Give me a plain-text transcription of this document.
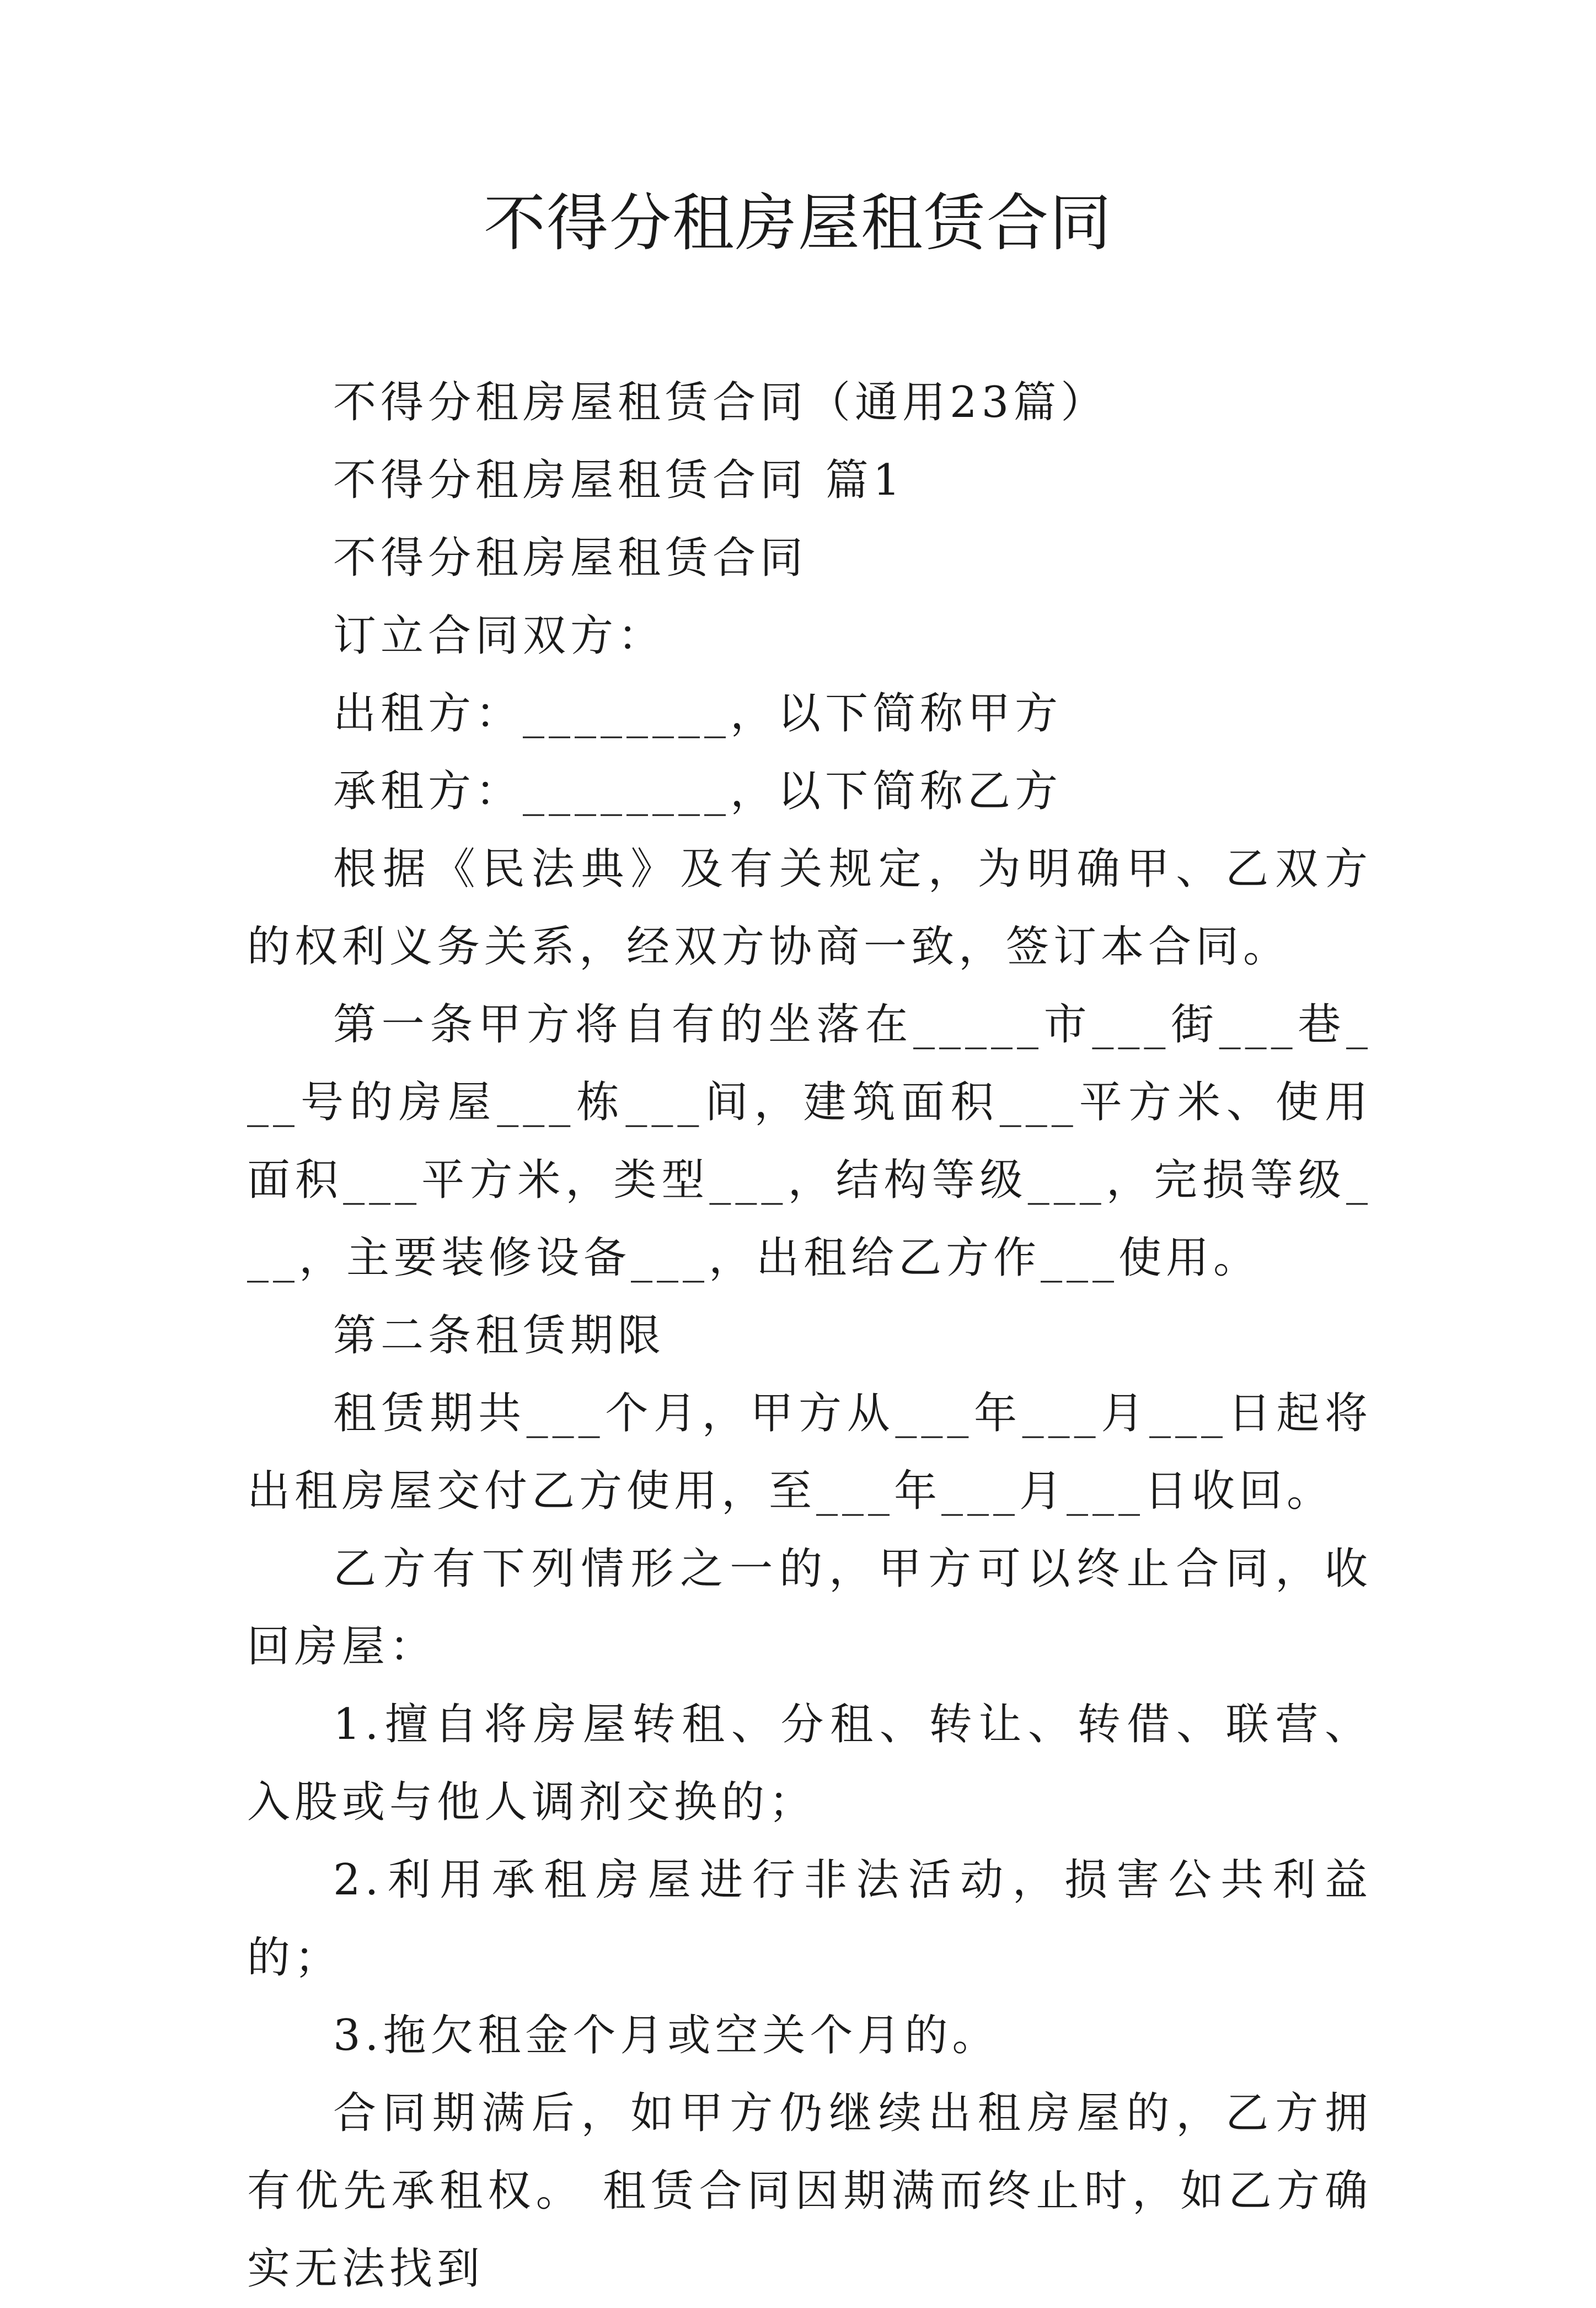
不得分租房屋租赁合同

不得分租房屋租赁合同（通用23篇）

不得分租房屋租赁合同 篇1

不得分租房屋租赁合同

订立合同双方：

出租方：________，以下简称甲方

承租方：________，以下简称乙方

根据《民法典》及有关规定，为明确甲、乙双方的权利义务关系，经双方协商一致，签订本合同。

第一条甲方将自有的坐落在_____市___街___巷___号的房屋___栋___间，建筑面积___平方米、使用面积___平方米，类型___，结构等级___，完损等级___，主要装修设备___，出租给乙方作___使用。

第二条租赁期限

租赁期共___个月，甲方从___年___月___日起将出租房屋交付乙方使用，至___年___月___日收回。

乙方有下列情形之一的，甲方可以终止合同，收回房屋：

1.擅自将房屋转租、分租、转让、转借、联营、入股或与他人调剂交换的；

2.利用承租房屋进行非法活动，损害公共利益的；

3.拖欠租金个月或空关个月的。

合同期满后，如甲方仍继续出租房屋的，乙方拥有优先承租权。 租赁合同因期满而终止时，如乙方确实无法找到
